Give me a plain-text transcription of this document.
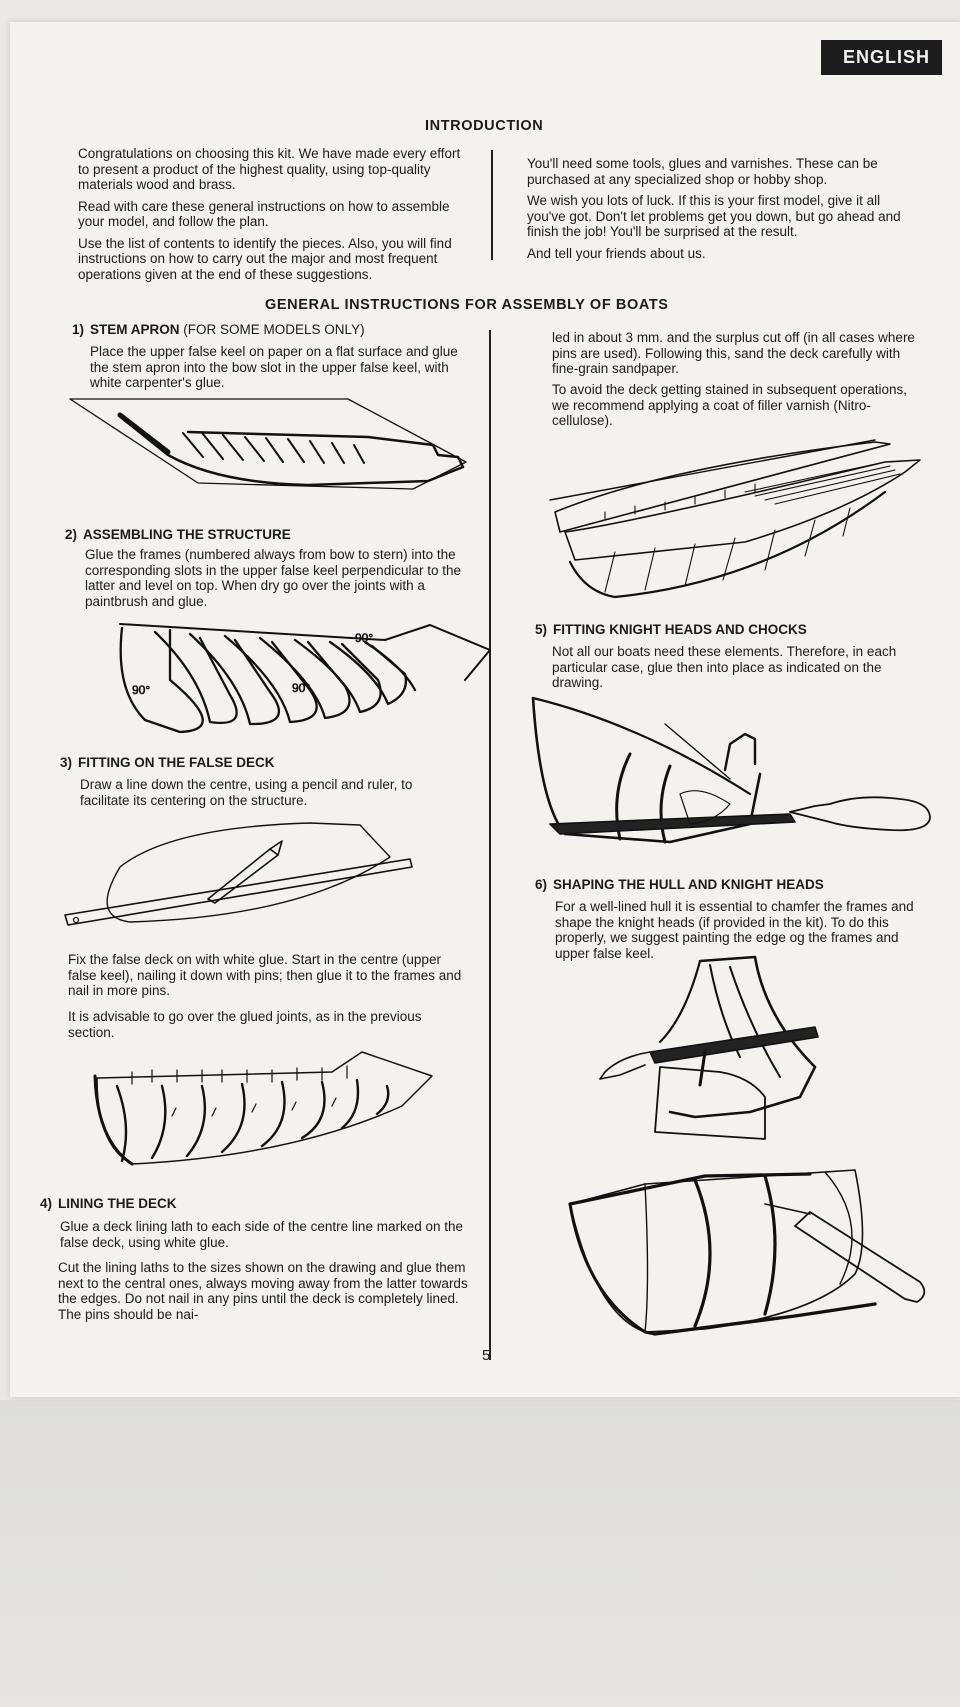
ENGLISH
INTRODUCTION

Congratulations on choosing this kit. We have made every effort to present a product of the highest quality, using top-quality materials wood and brass.

Read with care these general instructions on how to assemble your model, and follow the plan.

Use the list of contents to identify the pieces. Also, you will find instructions on how to carry out the major and most frequent operations given at the end of these suggestions.

You'll need some tools, glues and varnishes. These can be purchased at any specialized shop or hobby shop.

We wish you lots of luck. If this is your first model, give it all you've got. Don't let problems get you down, but go ahead and finish the job! You'll be surprised at the result.

And tell your friends about us.

GENERAL INSTRUCTIONS FOR ASSEMBLY OF BOATS
1) STEM APRON (FOR SOME MODELS ONLY)
Place the upper false keel on paper on a flat surface and glue the stem apron into the bow slot in the upper false keel, with white carpenter's glue.
2) ASSEMBLING THE STRUCTURE
Glue the frames (numbered always from bow to stern) into the corresponding slots in the upper false keel perpendicular to the latter and level on top. When dry go over the joints with a paintbrush and glue.
90°	90°
90°
3) FITTING ON THE FALSE DECK
Draw a line down the centre, using a pencil and ruler, to facilitate its centering on the structure.
Fix the false deck on with white glue. Start in the centre (upper false keel), nailing it down with pins; then glue it to the frames and nail in more pins.
It is advisable to go over the glued joints, as in the previous section.
4) LINING THE DECK
Glue a deck lining lath to each side of the centre line marked on the false deck, using white glue.
Cut the lining laths to the sizes shown on the drawing and glue them next to the central ones, always moving away from the latter towards the edges. Do not nail in any pins until the deck is completely lined. The pins should be nai-
led in about 3 mm. and the surplus cut off (in all cases where pins are used). Following this, sand the deck carefully with fine-grain sandpaper.
To avoid the deck getting stained in subsequent operations, we recommend applying a coat of filler varnish (Nitro-cellulose).
5) FITTING KNIGHT HEADS AND CHOCKS
Not all our boats need these elements. Therefore, in each particular case, glue then into place as indicated on the drawing.
6) SHAPING THE HULL AND KNIGHT HEADS
For a well-lined hull it is essential to chamfer the frames and shape the knight heads (if provided in the kit). To do this properly, we suggest painting the edge og the frames and upper false keel.
5
